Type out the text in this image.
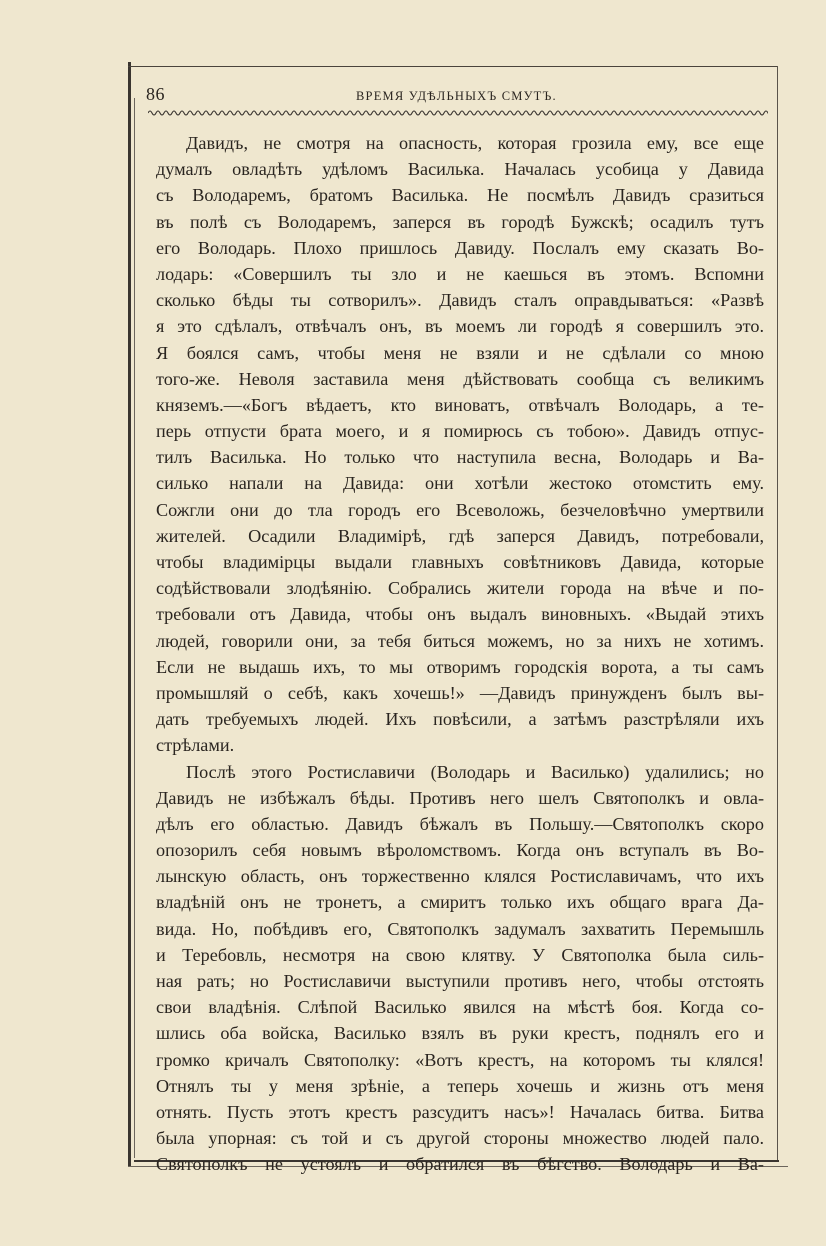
86	ВРЕМЯ УДѢЛЬНЫХЪ СМУТЪ.
Давидъ, не смотря на опасность, которая грозила ему, все еще
думалъ овладѣть удѣломъ Василька. Началась усобица у Давида
съ Володаремъ, братомъ Василька. Не посмѣлъ Давидъ сразиться
въ полѣ съ Володаремъ, заперся въ городѣ Бужскѣ; осадилъ тутъ
его Володарь. Плохо пришлось Давиду. Послалъ ему сказать Во-
лодарь: «Совершилъ ты зло и не каешься въ этомъ. Вспомни
сколько бѣды ты сотворилъ». Давидъ сталъ оправдываться: «Развѣ
я это сдѣлалъ, отвѣчалъ онъ, въ моемъ ли городѣ я совершилъ это.
Я боялся самъ, чтобы меня не взяли и не сдѣлали со мною
того-же. Неволя заставила меня дѣйствовать сообща съ великимъ
княземъ.—«Богъ вѣдаетъ, кто виноватъ, отвѣчалъ Володарь, а те-
перь отпусти брата моего, и я помирюсь съ тобою». Давидъ отпус-
тилъ Василька. Но только что наступила весна, Володарь и Ва-
силько напали на Давида: они хотѣли жестоко отомстить ему.
Сожгли они до тла городъ его Всеволожь, безчеловѣчно умертвили
жителей. Осадили Владимірѣ, гдѣ заперся Давидъ, потребовали,
чтобы владимірцы выдали главныхъ совѣтниковъ Давида, которые
содѣйствовали злодѣянію. Собрались жители города на вѣче и по-
требовали отъ Давида, чтобы онъ выдалъ виновныхъ. «Выдай этихъ
людей, говорили они, за тебя биться можемъ, но за нихъ не хотимъ.
Если не выдашь ихъ, то мы отворимъ городскія ворота, а ты самъ
промышляй о себѣ, какъ хочешь!» —Давидъ принужденъ былъ вы-
дать требуемыхъ людей. Ихъ повѣсили, а затѣмъ разстрѣляли ихъ
стрѣлами.
Послѣ этого Ростиславичи (Володарь и Василько) удалились; но
Давидъ не избѣжалъ бѣды. Противъ него шелъ Святополкъ и овла-
дѣлъ его областью. Давидъ бѣжалъ въ Польшу.—Святополкъ скоро
опозорилъ себя новымъ вѣроломствомъ. Когда онъ вступалъ въ Во-
лынскую область, онъ торжественно клялся Ростиславичамъ, что ихъ
владѣній онъ не тронетъ, а смиритъ только ихъ общаго врага Да-
вида. Но, побѣдивъ его, Святополкъ задумалъ захватить Перемышль
и Теребовль, несмотря на свою клятву. У Святополка была силь-
ная рать; но Ростиславичи выступили противъ него, чтобы отстоять
свои владѣнія. Слѣпой Василько явился на мѣстѣ боя. Когда со-
шлись оба войска, Василько взялъ въ руки крестъ, поднялъ его и
громко кричалъ Святополку: «Вотъ крестъ, на которомъ ты клялся!
Отнялъ ты у меня зрѣніе, а теперь хочешь и жизнь отъ меня
отнять. Пусть этотъ крестъ разсудитъ насъ»! Началась битва. Битва
была упорная: съ той и съ другой стороны множество людей пало.
Святополкъ не устоялъ и обратился въ бѣгство. Володарь и Ва-
